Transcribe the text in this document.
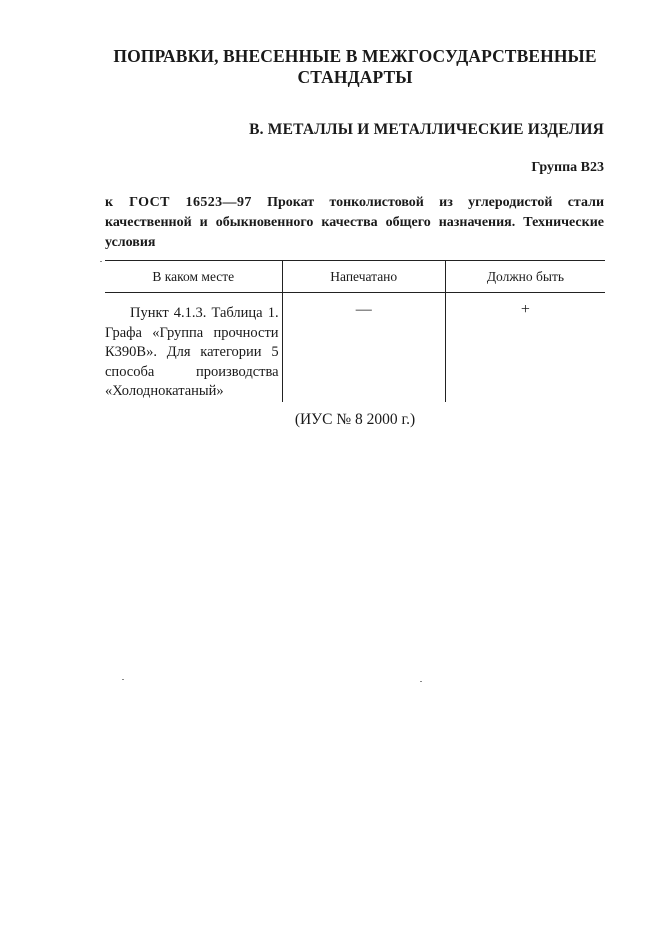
ПОПРАВКИ, ВНЕСЕННЫЕ В МЕЖГОСУДАРСТВЕННЫЕ
СТАНДАРТЫ
В. МЕТАЛЛЫ И МЕТАЛЛИЧЕСКИЕ ИЗДЕЛИЯ
Группа В23
к ГОСТ 16523—97 Прокат тонколистовой из углеродистой стали качественной и обыкновенного качества общего назначения. Технические условия
В каком месте	Напечатано	Должно быть

Пункт 4.1.3. Таблица 1. Графа «Группа прочности К390В». Для категории 5 способа производства «Холоднокатаный»	—	+
(ИУС № 8 2000 г.)
